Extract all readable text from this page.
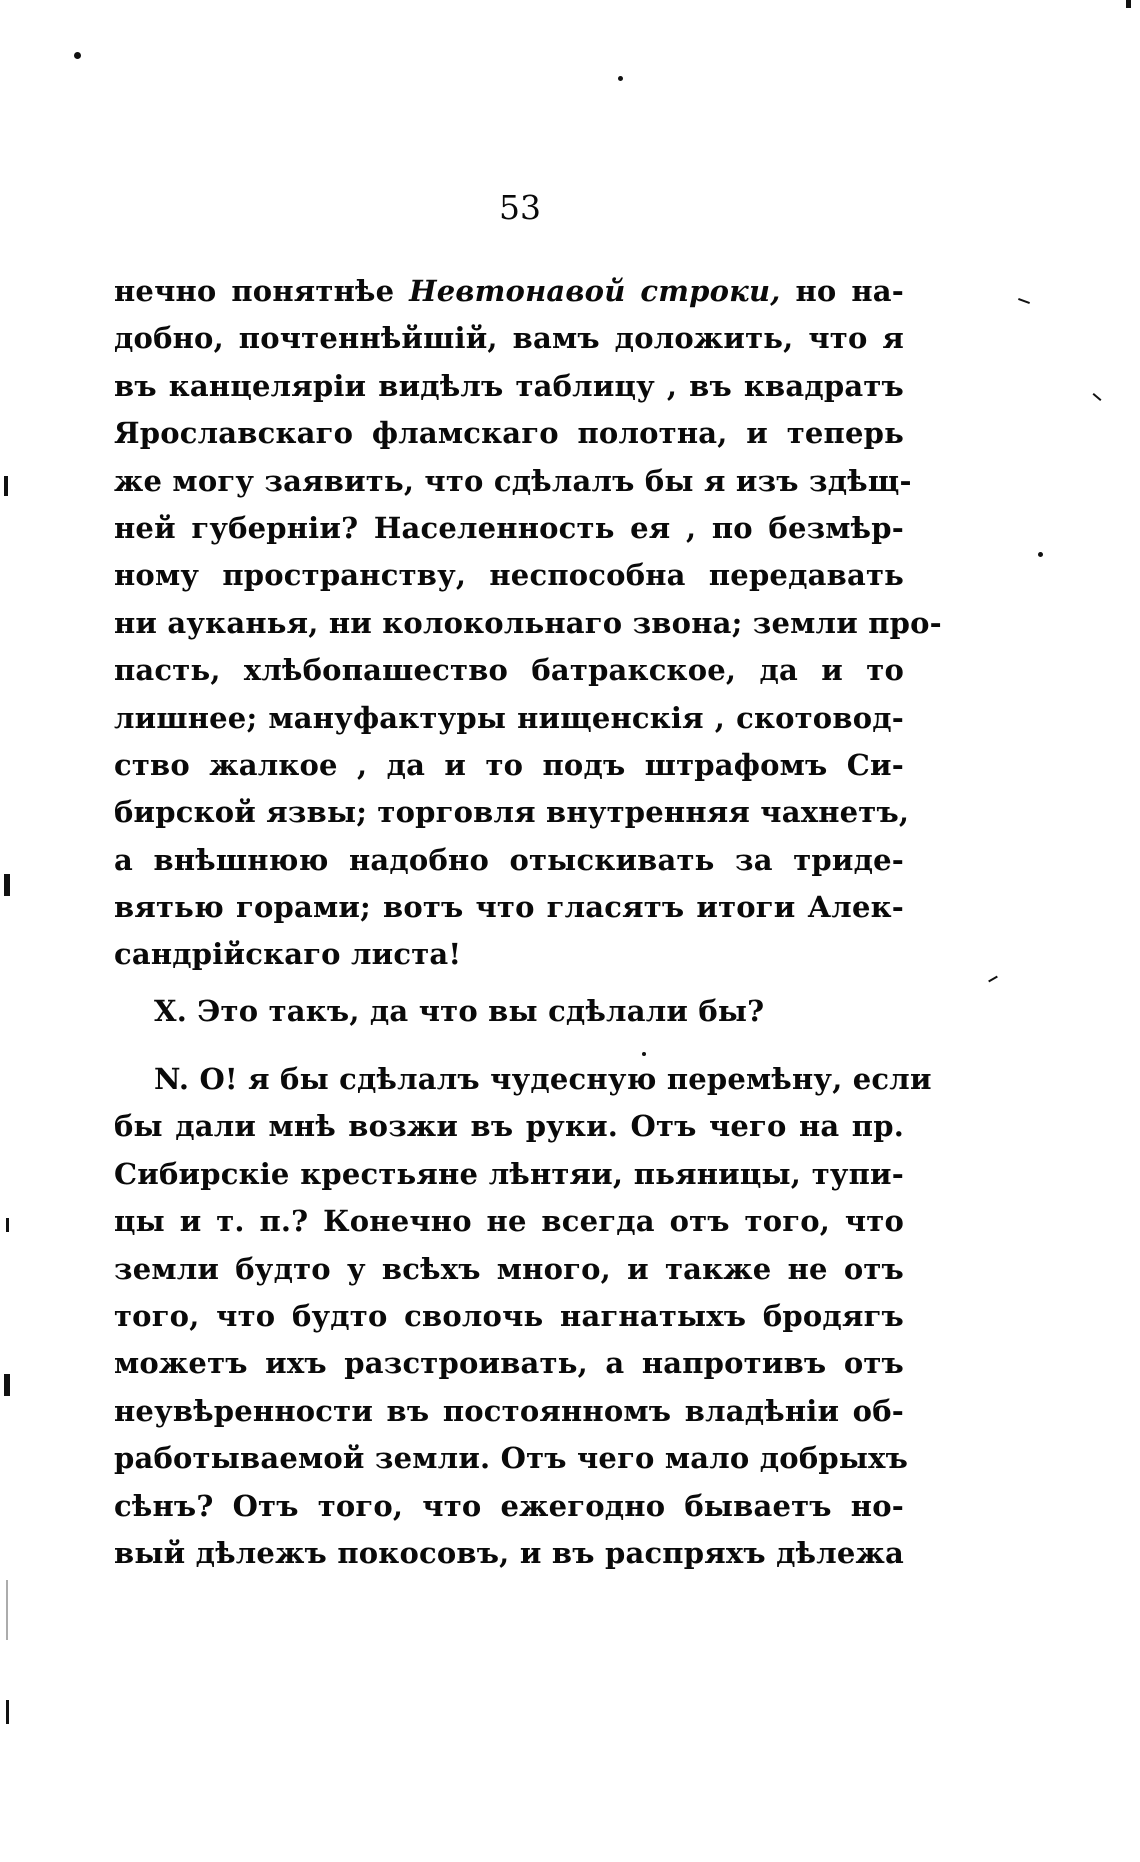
53
нечно понятнѣе Невтонавой строки, но на-
добно, почтеннѣйшій, вамъ доложить, что я
въ канцеляріи видѣлъ таблицу , въ квадратъ
Ярославскаго фламскаго полотна, и теперь
же могу заявить, что сдѣлалъ бы я изъ здѣщ-
ней губерніи? Населенность ея , по безмѣр-
ному пространству, неспособна передавать
ни ауканья, ни колокольнаго звона; земли про-
пасть, хлѣбопашество батракское, да и то
лишнее; мануфактуры нищенскія , скотовод-
ство жалкое , да и то подъ штрафомъ Си-
бирской язвы; торговля внутренняя чахнетъ,
а внѣшнюю надобно отыскивать за триде-
вятью горами; вотъ что гласятъ итоги Алек-
сандрійскаго листа!
Х. Это такъ, да что вы сдѣлали бы?
N. О! я бы сдѣлалъ чудесную перемѣну, если
бы дали мнѣ возжи въ руки. Отъ чего на пр.
Сибирскіе крестьяне лѣнтяи, пьяницы, тупи-
цы и т. п.? Конечно не всегда отъ того, что
земли будто у всѣхъ много, и также не отъ
того, что будто сволочь нагнатыхъ бродягъ
можетъ ихъ разстроивать, а напротивъ отъ
неувѣренности въ постоянномъ владѣніи об-
работываемой земли. Отъ чего мало добрыхъ
сѣнъ? Отъ того, что ежегодно бываетъ но-
вый дѣлежъ покосовъ, и въ распряхъ дѣлежа
